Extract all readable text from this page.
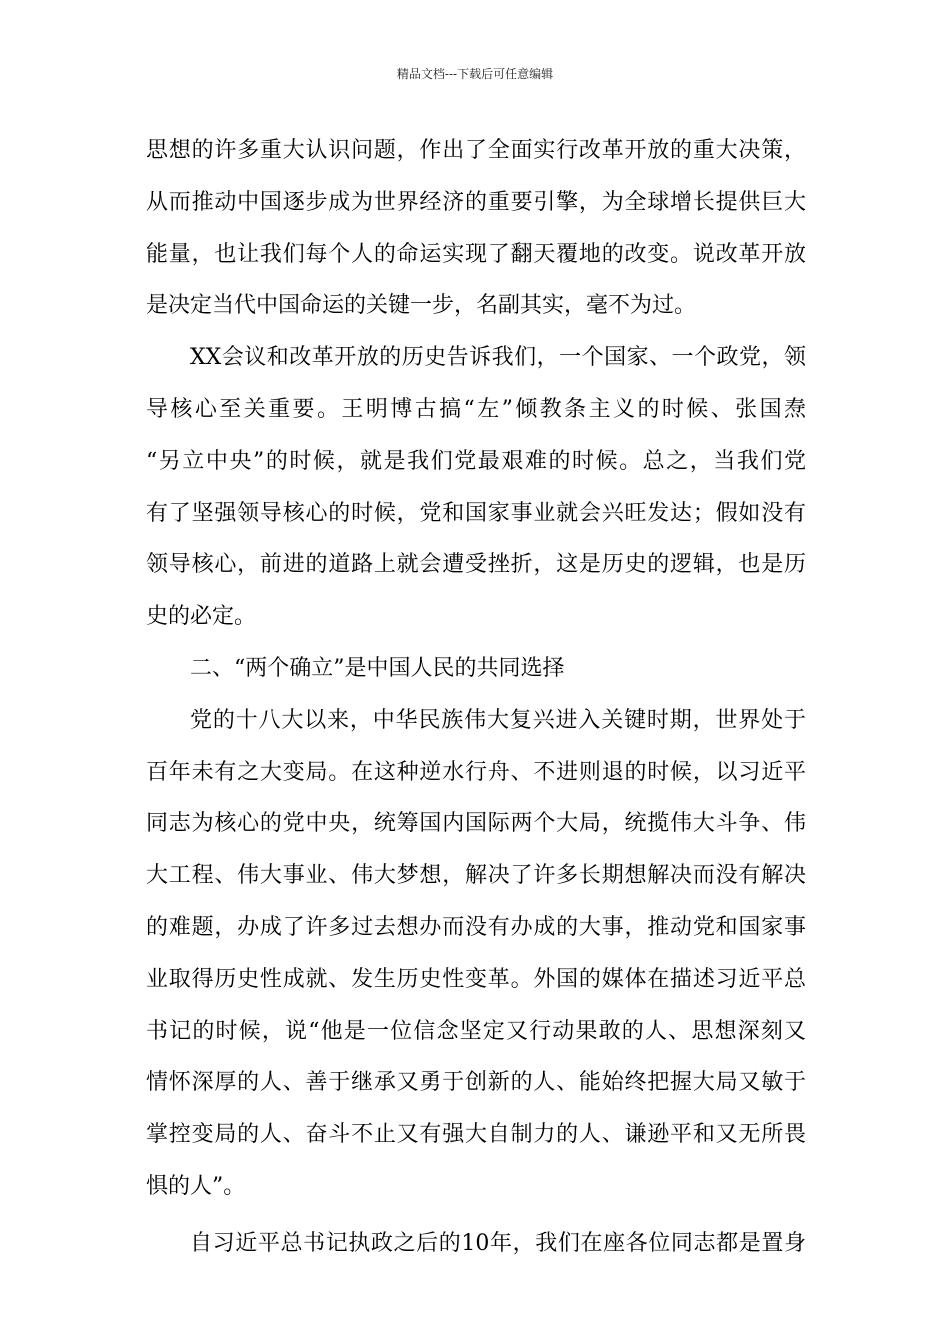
精品文档---下载后可任意编辑
思想的许多重大认识问题，作出了全面实行改革开放的重大决策，
从而推动中国逐步成为世界经济的重要引擎，为全球增长提供巨大
能量，也让我们每个人的命运实现了翻天覆地的改变。说改革开放
是决定当代中国命运的关键一步，名副其实，毫不为过。
XX会议和改革开放的历史告诉我们，一个国家、一个政党，领
导核心至关重要。王明博古搞“左”倾教条主义的时候、张国焘
“另立中央”的时候，就是我们党最艰难的时候。总之，当我们党
有了坚强领导核心的时候，党和国家事业就会兴旺发达；假如没有
领导核心，前进的道路上就会遭受挫折，这是历史的逻辑，也是历
史的必定。
二、“两个确立”是中国人民的共同选择
党的十八大以来，中华民族伟大复兴进入关键时期，世界处于
百年未有之大变局。在这种逆水行舟、不进则退的时候，以习近平
同志为核心的党中央，统筹国内国际两个大局，统揽伟大斗争、伟
大工程、伟大事业、伟大梦想，解决了许多长期想解决而没有解决
的难题，办成了许多过去想办而没有办成的大事，推动党和国家事
业取得历史性成就、发生历史性变革。外国的媒体在描述习近平总
书记的时候，说“他是一位信念坚定又行动果敢的人、思想深刻又
情怀深厚的人、善于继承又勇于创新的人、能始终把握大局又敏于
掌控变局的人、奋斗不止又有强大自制力的人、谦逊平和又无所畏
惧的人”。
自习近平总书记执政之后的10年，我们在座各位同志都是置身
